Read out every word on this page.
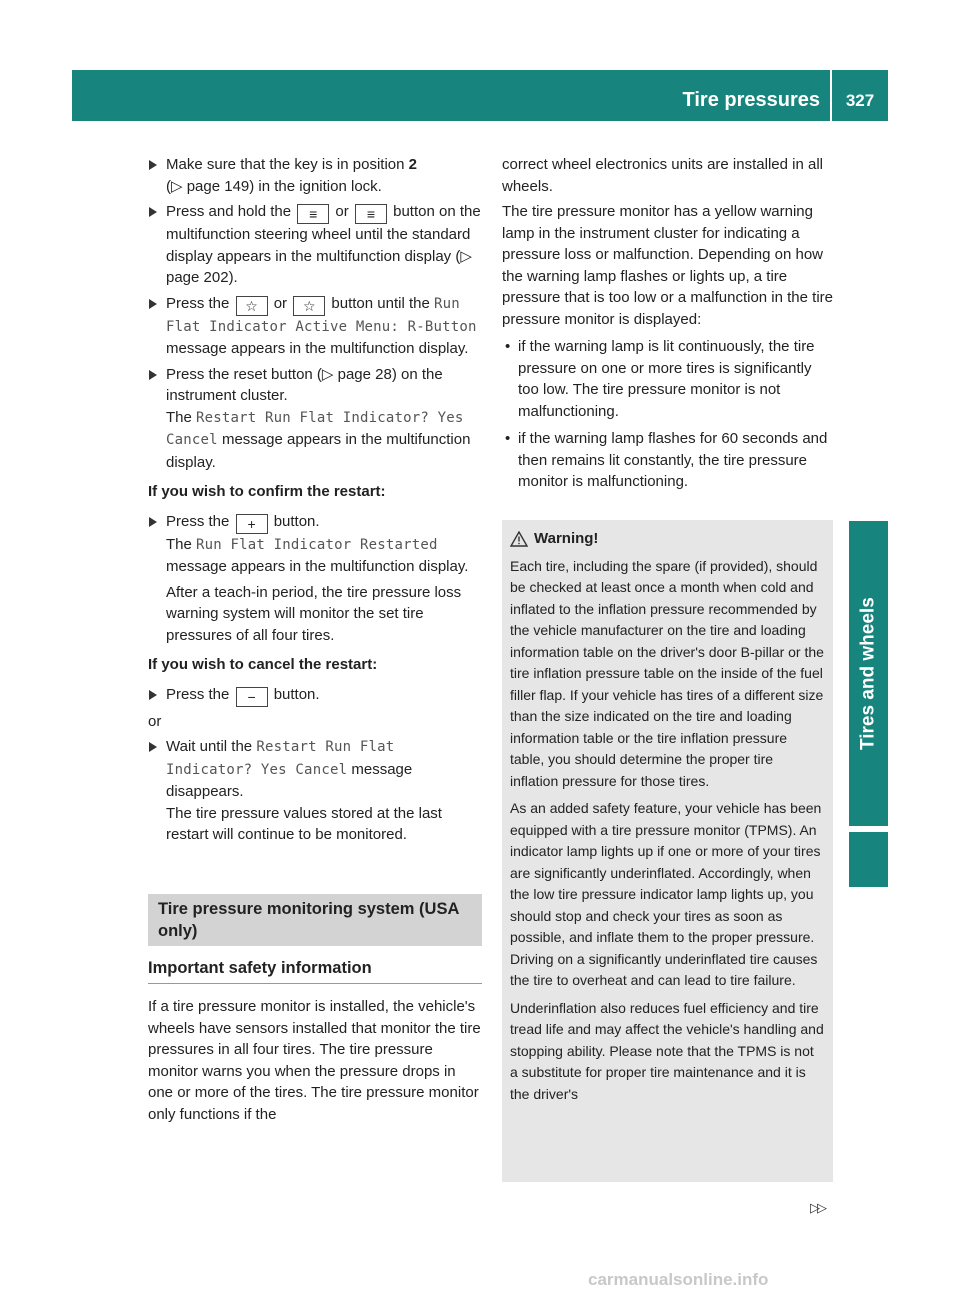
Tire pressures	327
Tires and wheels
Make sure that the key is in position 2
(▷ page 149) in the ignition lock.
Press and hold the ≡ or ≡ button on the multifunction steering wheel until the standard display appears in the multifunction display (▷ page 202).
Press the ☆ or ☆ button until the Run Flat Indicator Active Menu: R-Button message appears in the multifunction display.
Press the reset button (▷ page 28) on the instrument cluster.
The Restart Run Flat Indicator? Yes Cancel message appears in the multifunction display.
If you wish to confirm the restart:
Press the + button.
The Run Flat Indicator Restarted message appears in the multifunction display.
After a teach-in period, the tire pressure loss warning system will monitor the set tire pressures of all four tires.
If you wish to cancel the restart:
Press the − button.
or
Wait until the Restart Run Flat Indicator? Yes Cancel message disappears.
The tire pressure values stored at the last restart will continue to be monitored.
Tire pressure monitoring system (USA only)
Important safety information
If a tire pressure monitor is installed, the vehicle's wheels have sensors installed that monitor the tire pressures in all four tires. The tire pressure monitor warns you when the pressure drops in one or more of the tires. The tire pressure monitor only functions if the
correct wheel electronics units are installed in all wheels.
The tire pressure monitor has a yellow warning lamp in the instrument cluster for indicating a pressure loss or malfunction. Depending on how the warning lamp flashes or lights up, a tire pressure that is too low or a malfunction in the tire pressure monitor is displayed:
• if the warning lamp is lit continuously, the tire pressure on one or more tires is significantly too low. The tire pressure monitor is not malfunctioning.
• if the warning lamp flashes for 60 seconds and then remains lit constantly, the tire pressure monitor is malfunctioning.
Warning!

Each tire, including the spare (if provided), should be checked at least once a month when cold and inflated to the inflation pressure recommended by the vehicle manufacturer on the tire and loading information table on the driver's door B-pillar or the tire inflation pressure table on the inside of the fuel filler flap. If your vehicle has tires of a different size than the size indicated on the tire and loading information table or the tire inflation pressure table, you should determine the proper tire inflation pressure for those tires.

As an added safety feature, your vehicle has been equipped with a tire pressure monitor (TPMS). An indicator lamp lights up if one or more of your tires are significantly underinflated. Accordingly, when the low tire pressure indicator lamp lights up, you should stop and check your tires as soon as possible, and inflate them to the proper pressure. Driving on a significantly underinflated tire causes the tire to overheat and can lead to tire failure.

Underinflation also reduces fuel efficiency and tire tread life and may affect the vehicle's handling and stopping ability. Please note that the TPMS is not a substitute for proper tire maintenance and it is the driver's

▷▷
carmanualsonline.info
